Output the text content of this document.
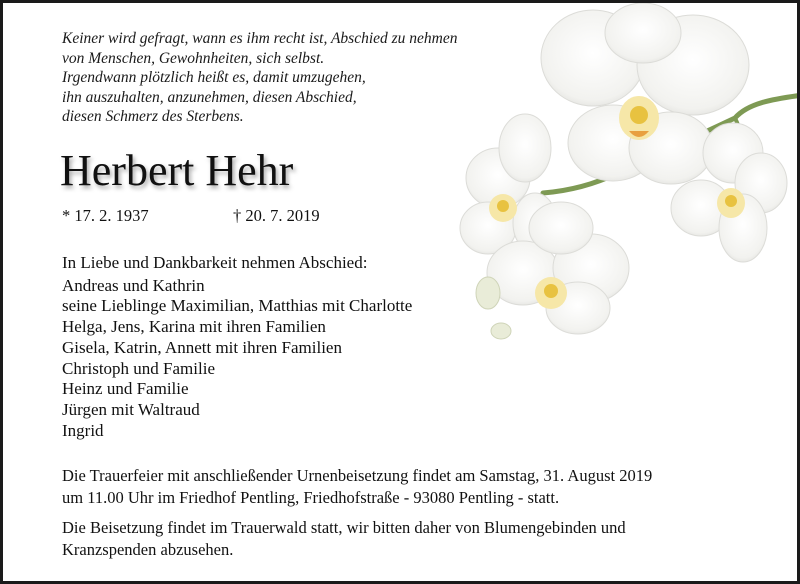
Keiner wird gefragt, wann es ihm recht ist, Abschied zu nehmen
von Menschen, Gewohnheiten, sich selbst.
Irgendwann plötzlich heißt es, damit umzugehen,
ihn auszuhalten, anzunehmen, diesen Abschied,
diesen Schmerz des Sterbens.
Herbert Hehr
* 17. 2. 1937	† 20. 7. 2019
In Liebe und Dankbarkeit nehmen Abschied:
Andreas und Kathrin
seine Lieblinge Maximilian, Matthias mit Charlotte
Helga, Jens, Karina mit ihren Familien
Gisela, Katrin, Annett mit ihren Familien
Christoph und Familie
Heinz und Familie
Jürgen mit Waltraud
Ingrid
Die Trauerfeier mit anschließender Urnenbeisetzung findet am Samstag, 31. August 2019
um 11.00 Uhr im Friedhof Pentling, Friedhofstraße - 93080 Pentling - statt.
Die Beisetzung findet im Trauerwald statt, wir bitten daher von Blumengebinden und
Kranzspenden abzusehen.
